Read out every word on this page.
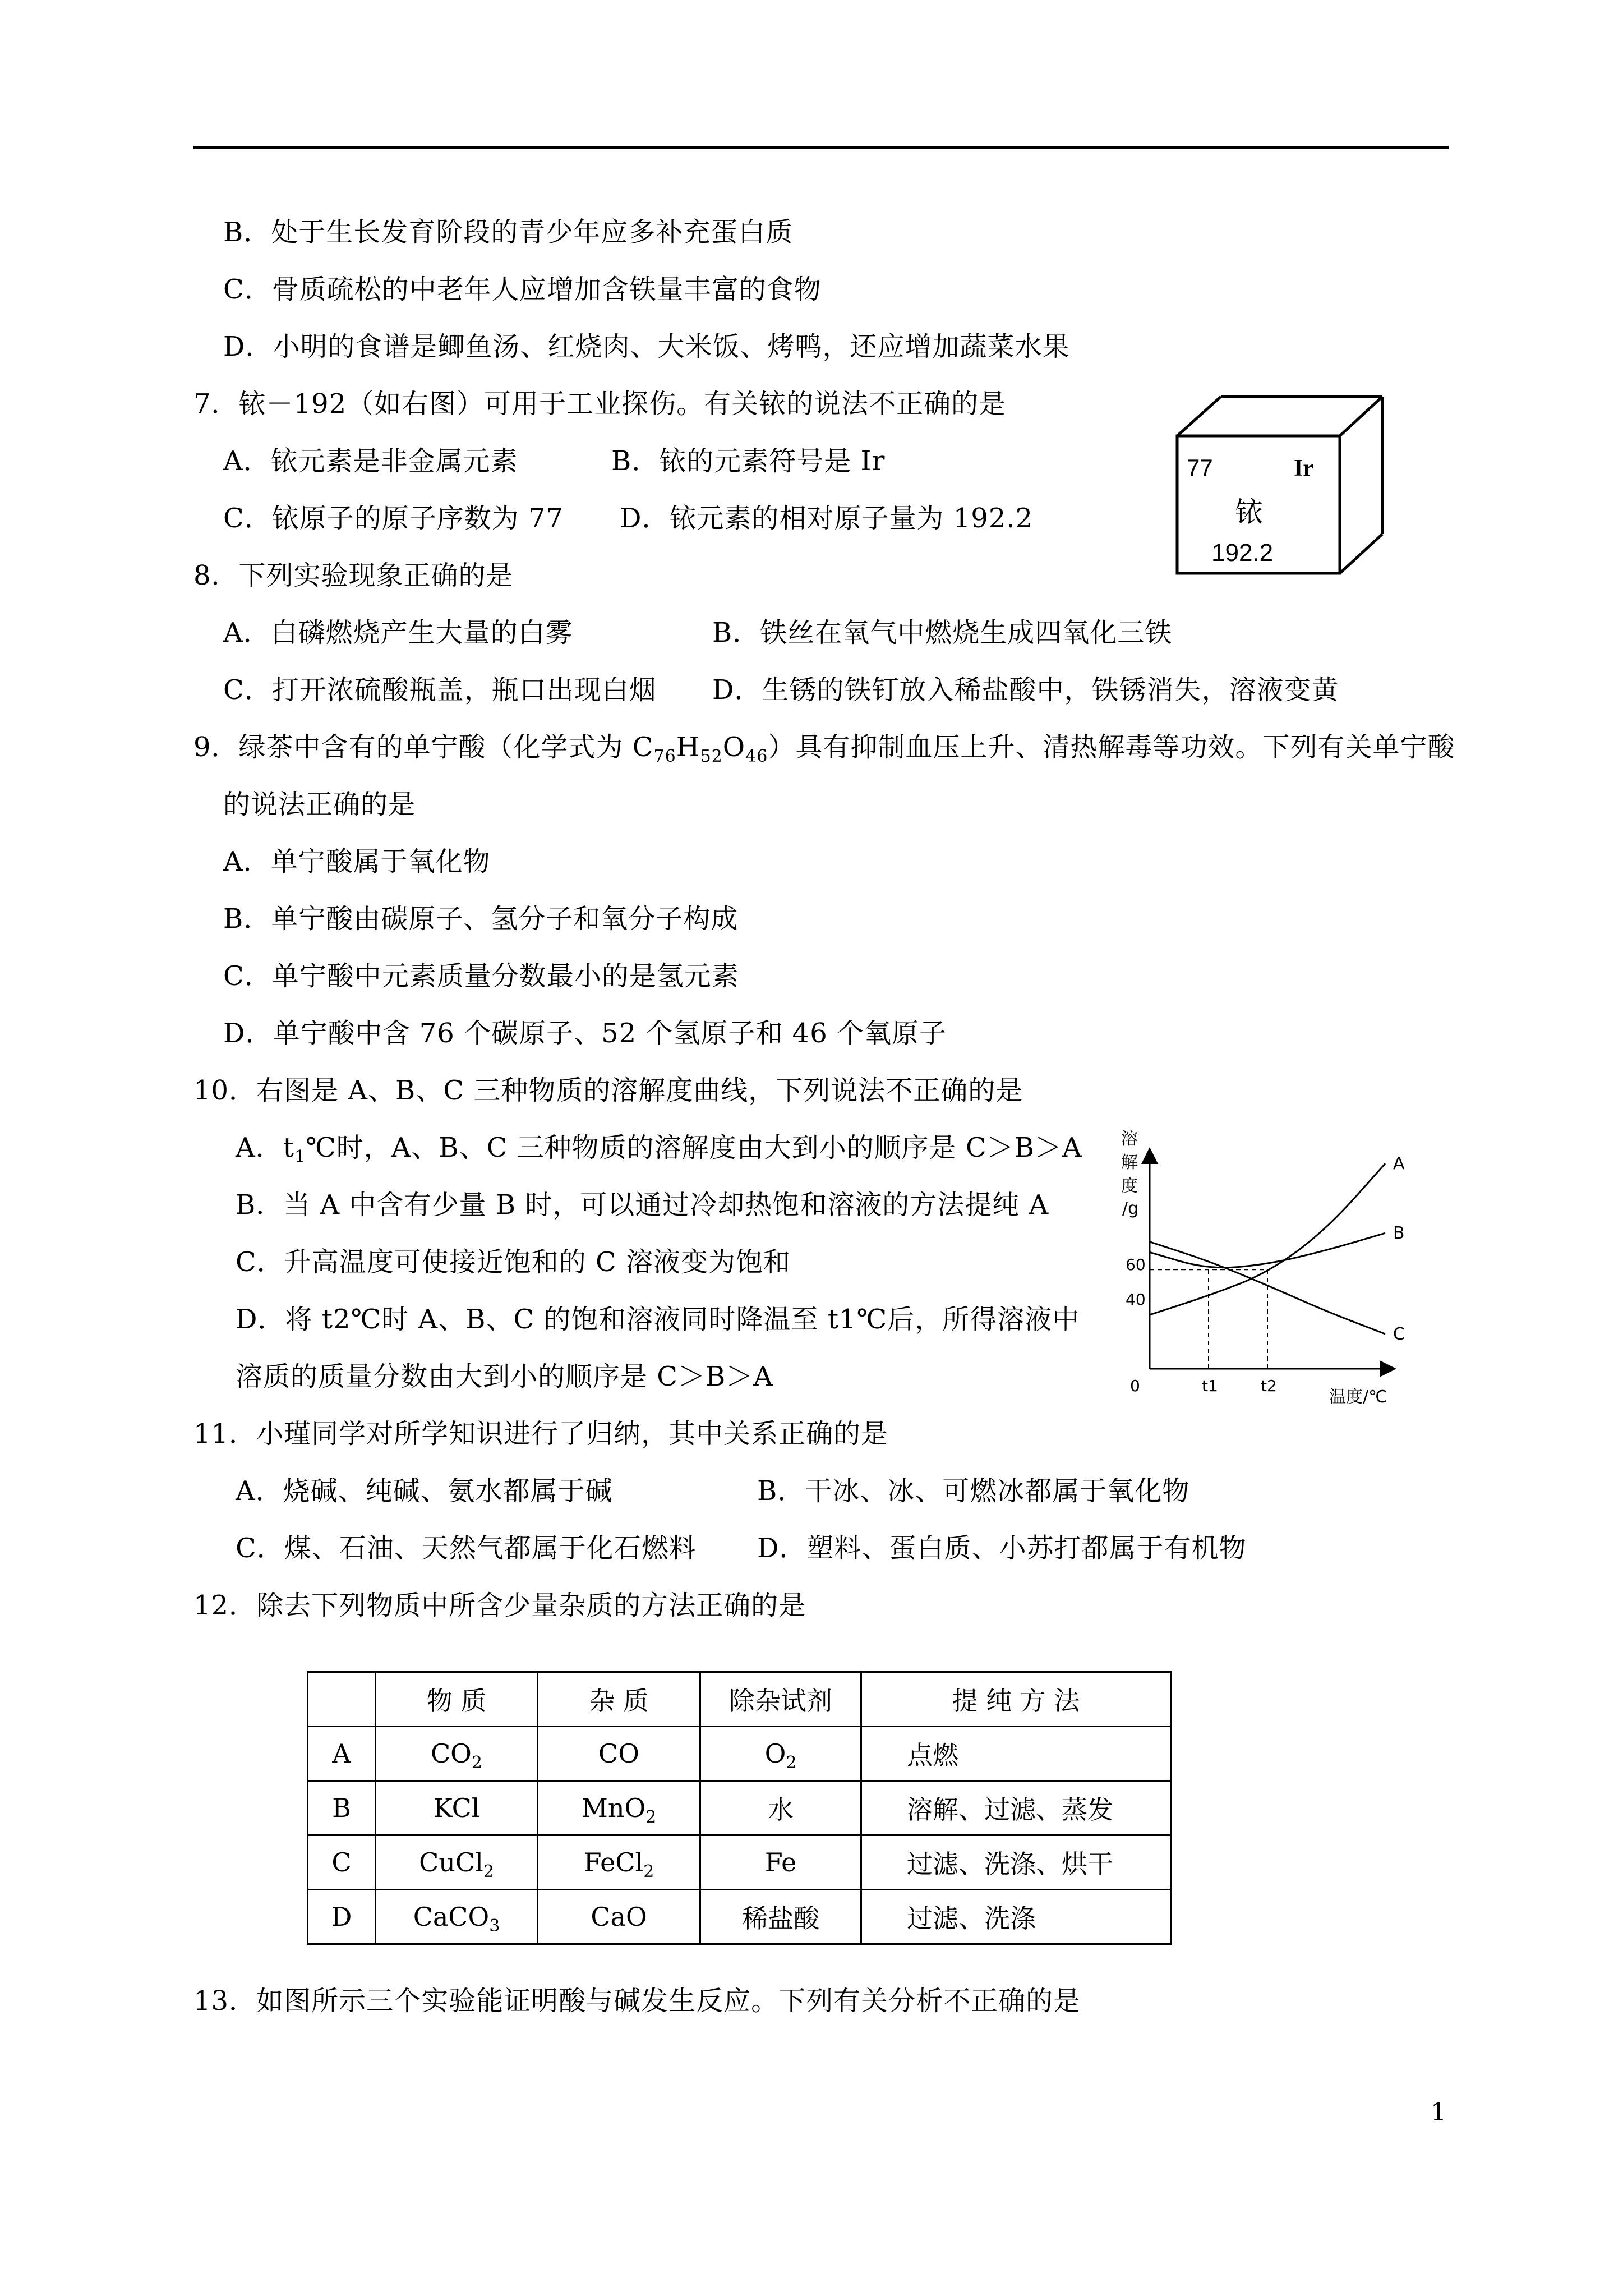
B．处于生长发育阶段的青少年应多补充蛋白质
C．骨质疏松的中老年人应增加含铁量丰富的食物
D．小明的食谱是鲫鱼汤、红烧肉、大米饭、烤鸭，还应增加蔬菜水果
7．铱－192（如右图）可用于工业探伤。有关铱的说法不正确的是
A．铱元素是非金属元素	B．铱的元素符号是 Ir
C．铱原子的原子序数为 77 D．铱元素的相对原子量为 192.2
77	Ir
铱
192.2
8．下列实验现象正确的是
A．白磷燃烧产生大量的白雾	B．铁丝在氧气中燃烧生成四氧化三铁
C．打开浓硫酸瓶盖，瓶口出现白烟 D．生锈的铁钉放入稀盐酸中，铁锈消失，溶液变黄
9．绿茶中含有的单宁酸（化学式为 $C_{76}H_{52}O_{46}$）具有抑制血压上升、清热解毒等功效。下列有关单宁酸
的说法正确的是
A．单宁酸属于氧化物
B．单宁酸由碳原子、氢分子和氧分子构成
C．单宁酸中元素质量分数最小的是氢元素
D．单宁酸中含 76 个碳原子、52 个氢原子和 46 个氧原子
10．右图是 A、B、C 三种物质的溶解度曲线，下列说法不正确的是
A．$t_1℃$时，A、B、C 三种物质的溶解度由大到小的顺序是 C＞B＞A
B．当 A 中含有少量 B 时，可以通过冷却热饱和溶液的方法提纯 A
C．升高温度可使接近饱和的 C 溶液变为饱和
D．将 t2℃时 A、B、C 的饱和溶液同时降温至 t1℃后，所得溶液中
溶质的质量分数由大到小的顺序是 C＞B＞A
溶
解
度
/g
60
40
0	t1	t2
A
B
C
温度/℃
11．小瑾同学对所学知识进行了归纳，其中关系正确的是
A．烧碱、纯碱、氨水都属于碱	B．干冰、冰、可燃冰都属于氧化物
C．煤、石油、天然气都属于化石燃料 D．塑料、蛋白质、小苏打都属于有机物
12．除去下列物质中所含少量杂质的方法正确的是
	物 质	杂 质	除杂试剂	提 纯 方 法
A	$CO_2$	CO	$O_2$	点燃
B	KCl	MnO$_2$	水	溶解、过滤、蒸发
C	CuCl$_2$	FeCl$_2$	Fe	过滤、洗涤、烘干
D	CaCO$_3$	CaO	稀盐酸	过滤、洗涤
13．如图所示三个实验能证明酸与碱发生反应。下列有关分析不正确的是
1
